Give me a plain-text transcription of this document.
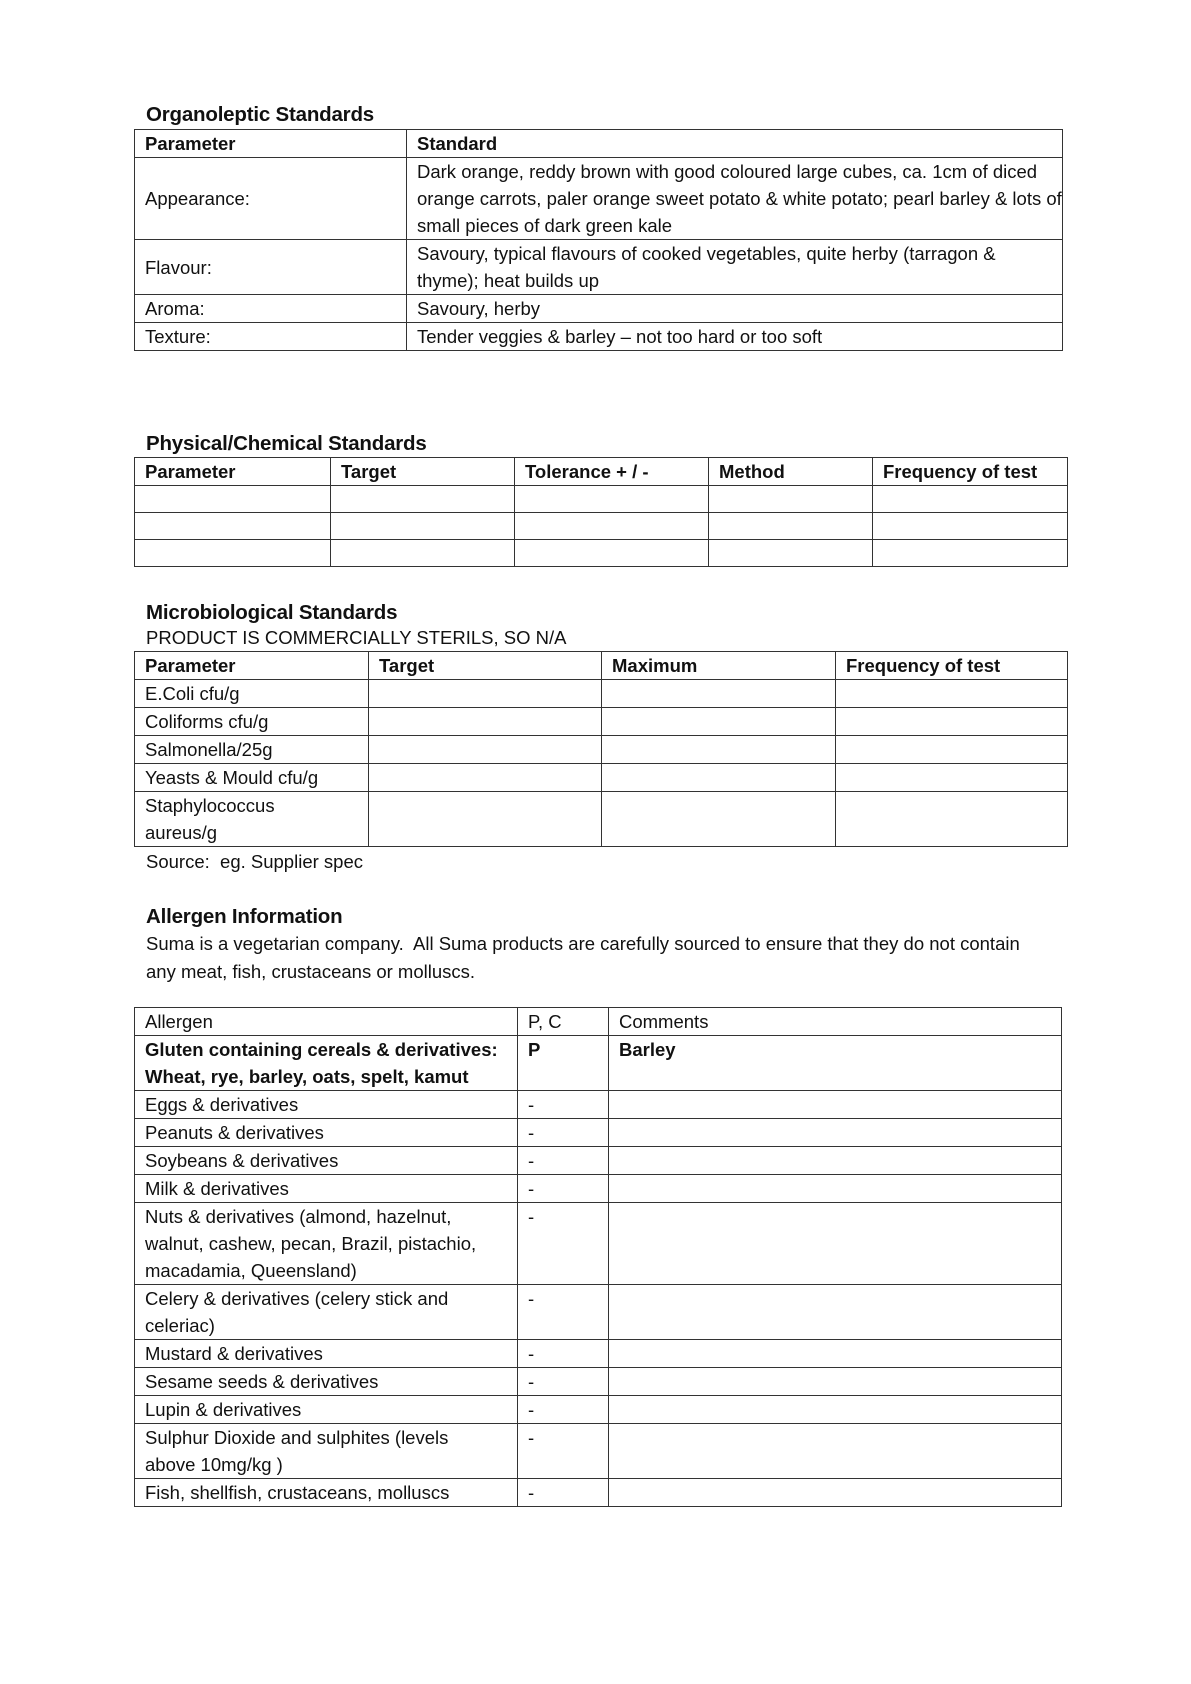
Organoleptic Standards
Parameter	Standard
Appearance:	Dark orange, reddy brown with good coloured large cubes, ca. 1cm of diced orange carrots, paler orange sweet potato & white potato; pearl barley & lots of small pieces of dark green kale
Flavour:	Savoury, typical flavours of cooked vegetables, quite herby (tarragon & thyme); heat builds up
Aroma:	Savoury, herby
Texture:	Tender veggies & barley – not too hard or too soft
Physical/Chemical Standards
Parameter	Target	Tolerance + / -	Method	Frequency of test

Microbiological Standards
PRODUCT IS COMMERCIALLY STERILS, SO N/A
Parameter	Target	Maximum	Frequency of test
E.Coli cfu/g			
Coliforms cfu/g			
Salmonella/25g			
Yeasts & Mould cfu/g			
Staphylococcus aureus/g			
Source:  eg. Supplier spec
Allergen Information
Suma is a vegetarian company.  All Suma products are carefully sourced to ensure that they do not contain any meat, fish, crustaceans or molluscs.
Allergen	P, C	Comments
Gluten containing cereals & derivatives: Wheat, rye, barley, oats, spelt, kamut	P	Barley
Eggs & derivatives	-	
Peanuts & derivatives	-	
Soybeans & derivatives	-	
Milk & derivatives	-	
Nuts & derivatives (almond, hazelnut, walnut, cashew, pecan, Brazil, pistachio, macadamia, Queensland)	-	
Celery & derivatives (celery stick and celeriac)	-	
Mustard & derivatives	-	
Sesame seeds & derivatives	-	
Lupin & derivatives	-	
Sulphur Dioxide and sulphites (levels above 10mg/kg )	-	
Fish, shellfish, crustaceans, molluscs	-	
